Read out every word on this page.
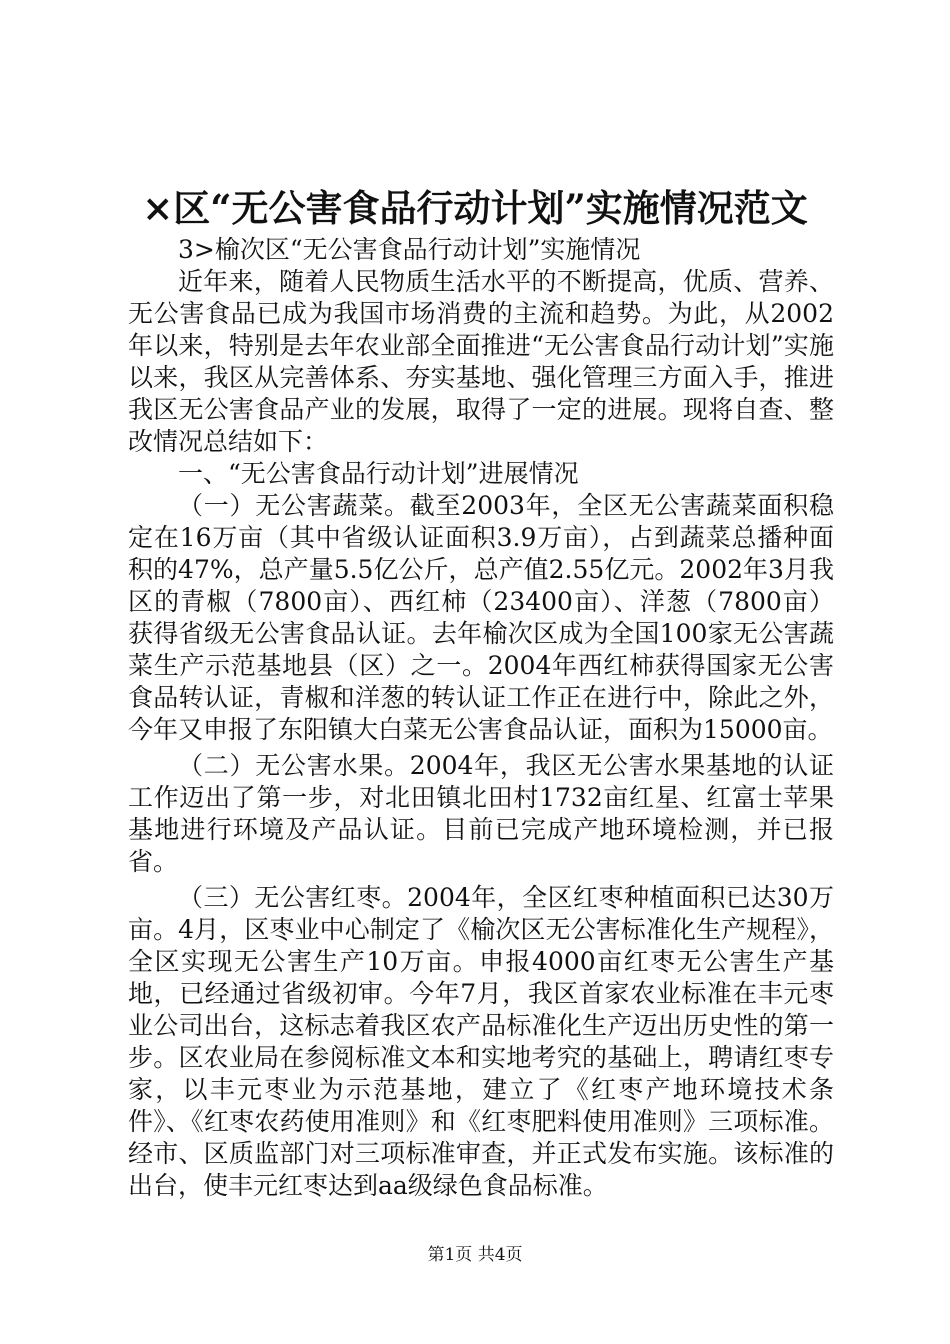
×区“无公害食品行动计划”实施情况范文

3>榆次区“无公害食品行动计划”实施情况

近年来，随着人民物质生活水平的不断提高，优质、营养、无公害食品已成为我国市场消费的主流和趋势。为此，从2002年以来，特别是去年农业部全面推进“无公害食品行动计划”实施以来，我区从完善体系、夯实基地、强化管理三方面入手，推进我区无公害食品产业的发展，取得了一定的进展。现将自查、整改情况总结如下：

一、“无公害食品行动计划”进展情况

（一）无公害蔬菜。截至2003年，全区无公害蔬菜面积稳定在16万亩（其中省级认证面积3.9万亩），占到蔬菜总播种面积的47%，总产量5.5亿公斤，总产值2.55亿元。2002年3月我区的青椒（7800亩）、西红柿（23400亩）、洋葱（7800亩）获得省级无公害食品认证。去年榆次区成为全国100家无公害蔬菜生产示范基地县（区）之一。2004年西红柿获得国家无公害食品转认证，青椒和洋葱的转认证工作正在进行中，除此之外，今年又申报了东阳镇大白菜无公害食品认证，面积为15000亩。

（二）无公害水果。2004年，我区无公害水果基地的认证工作迈出了第一步，对北田镇北田村1732亩红星、红富士苹果基地进行环境及产品认证。目前已完成产地环境检测，并已报省。

（三）无公害红枣。2004年，全区红枣种植面积已达30万亩。4月，区枣业中心制定了《榆次区无公害标准化生产规程》，全区实现无公害生产10万亩。申报4000亩红枣无公害生产基地，已经通过省级初审。今年7月，我区首家农业标准在丰元枣业公司出台，这标志着我区农产品标准化生产迈出历史性的第一步。区农业局在参阅标准文本和实地考究的基础上，聘请红枣专家，以丰元枣业为示范基地，建立了《红枣产地环境技术条件》、《红枣农药使用准则》和《红枣肥料使用准则》三项标准。经市、区质监部门对三项标准审查，并正式发布实施。该标准的出台，使丰元红枣达到aa级绿色食品标准。

第1页 共4页
